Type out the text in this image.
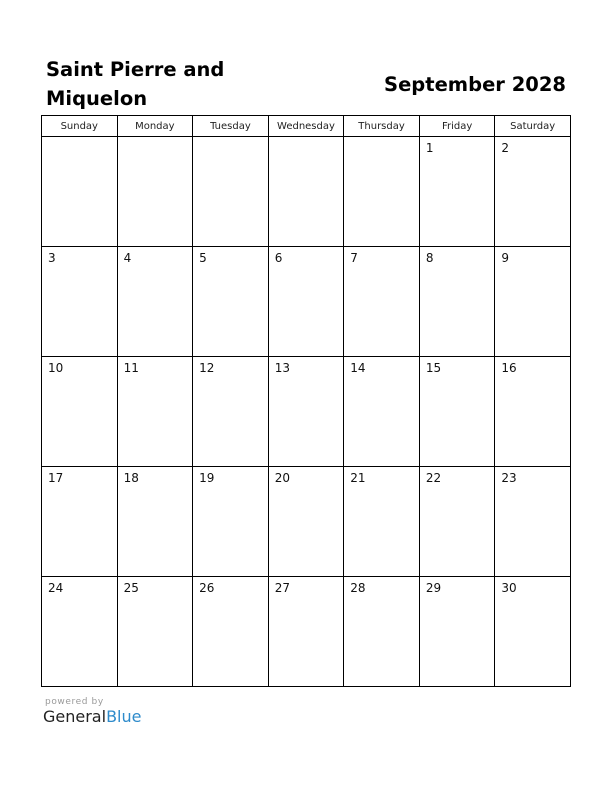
Saint Pierre and Miquelon
September 2028
Sunday	Monday	Tuesday	Wednesday	Thursday	Friday	Saturday

					1	2

3	4	5	6	7	8	9

10	11	12	13	14	15	16

17	18	19	20	21	22	23

24	25	26	27	28	29	30
powered by
GeneralBlue
